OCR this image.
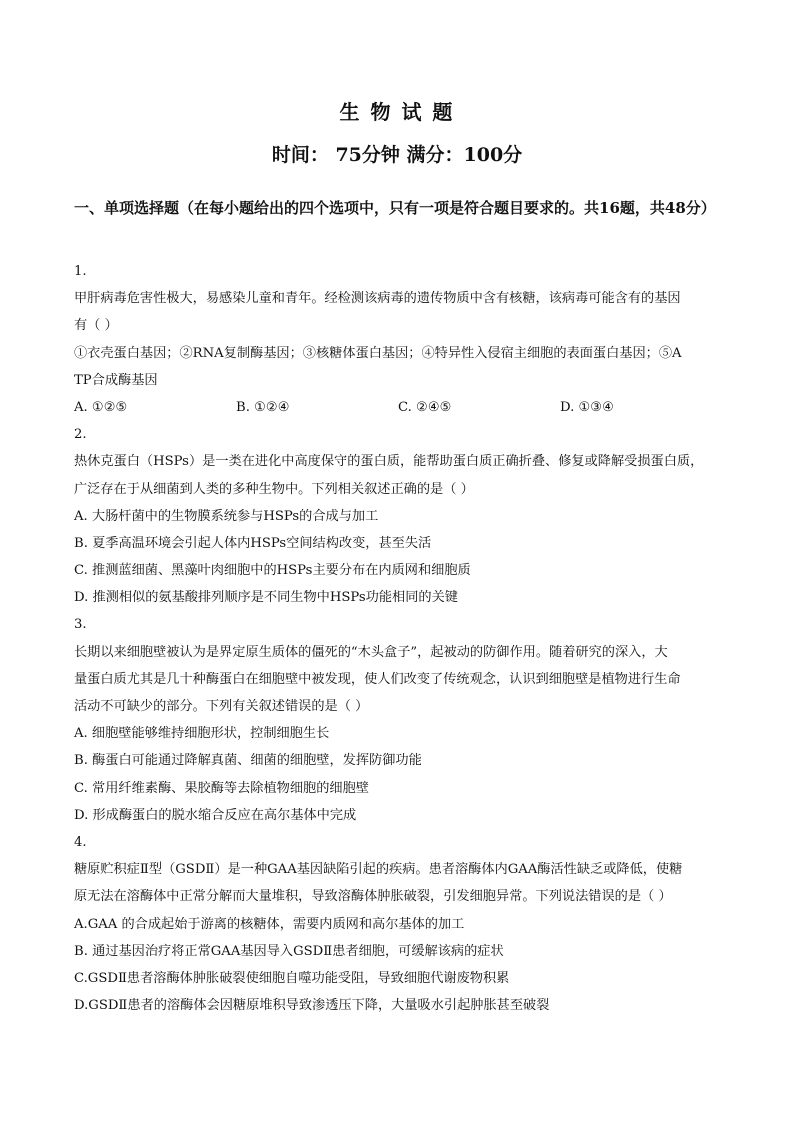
生 物 试 题
时间： 75分钟 满分：100分
一、单项选择题（在每小题给出的四个选项中，只有一项是符合题目要求的。共16题，共48分）
1.
甲肝病毒危害性极大，易感染儿童和青年。经检测该病毒的遗传物质中含有核糖，该病毒可能含有的基因
有（ ）
①衣壳蛋白基因；②RNA复制酶基因；③核糖体蛋白基因；④特异性入侵宿主细胞的表面蛋白基因；⑤A
TP合成酶基因
A. ①②⑤	B. ①②④	C. ②④⑤	D. ①③④
2.
热休克蛋白（HSPs）是一类在进化中高度保守的蛋白质，能帮助蛋白质正确折叠、修复或降解受损蛋白质，
广泛存在于从细菌到人类的多种生物中。下列相关叙述正确的是（ ）
A. 大肠杆菌中的生物膜系统参与HSPs的合成与加工
B. 夏季高温环境会引起人体内HSPs空间结构改变，甚至失活
C. 推测蓝细菌、黑藻叶肉细胞中的HSPs主要分布在内质网和细胞质
D. 推测相似的氨基酸排列顺序是不同生物中HSPs功能相同的关键
3.
长期以来细胞壁被认为是界定原生质体的僵死的“木头盒子”，起被动的防御作用。随着研究的深入，大
量蛋白质尤其是几十种酶蛋白在细胞壁中被发现，使人们改变了传统观念，认识到细胞壁是植物进行生命
活动不可缺少的部分。下列有关叙述错误的是（ ）
A. 细胞壁能够维持细胞形状，控制细胞生长
B. 酶蛋白可能通过降解真菌、细菌的细胞壁，发挥防御功能
C. 常用纤维素酶、果胶酶等去除植物细胞的细胞壁
D. 形成酶蛋白的脱水缩合反应在高尔基体中完成
4.
糖原贮积症Ⅱ型（GSDⅡ）是一种GAA基因缺陷引起的疾病。患者溶酶体内GAA酶活性缺乏或降低，使糖
原无法在溶酶体中正常分解而大量堆积，导致溶酶体肿胀破裂，引发细胞异常。下列说法错误的是（ ）
A.GAA 的合成起始于游离的核糖体，需要内质网和高尔基体的加工
B. 通过基因治疗将正常GAA基因导入GSDⅡ患者细胞，可缓解该病的症状
C.GSDⅡ患者溶酶体肿胀破裂使细胞自噬功能受阻，导致细胞代谢废物积累
D.GSDⅡ患者的溶酶体会因糖原堆积导致渗透压下降，大量吸水引起肿胀甚至破裂
